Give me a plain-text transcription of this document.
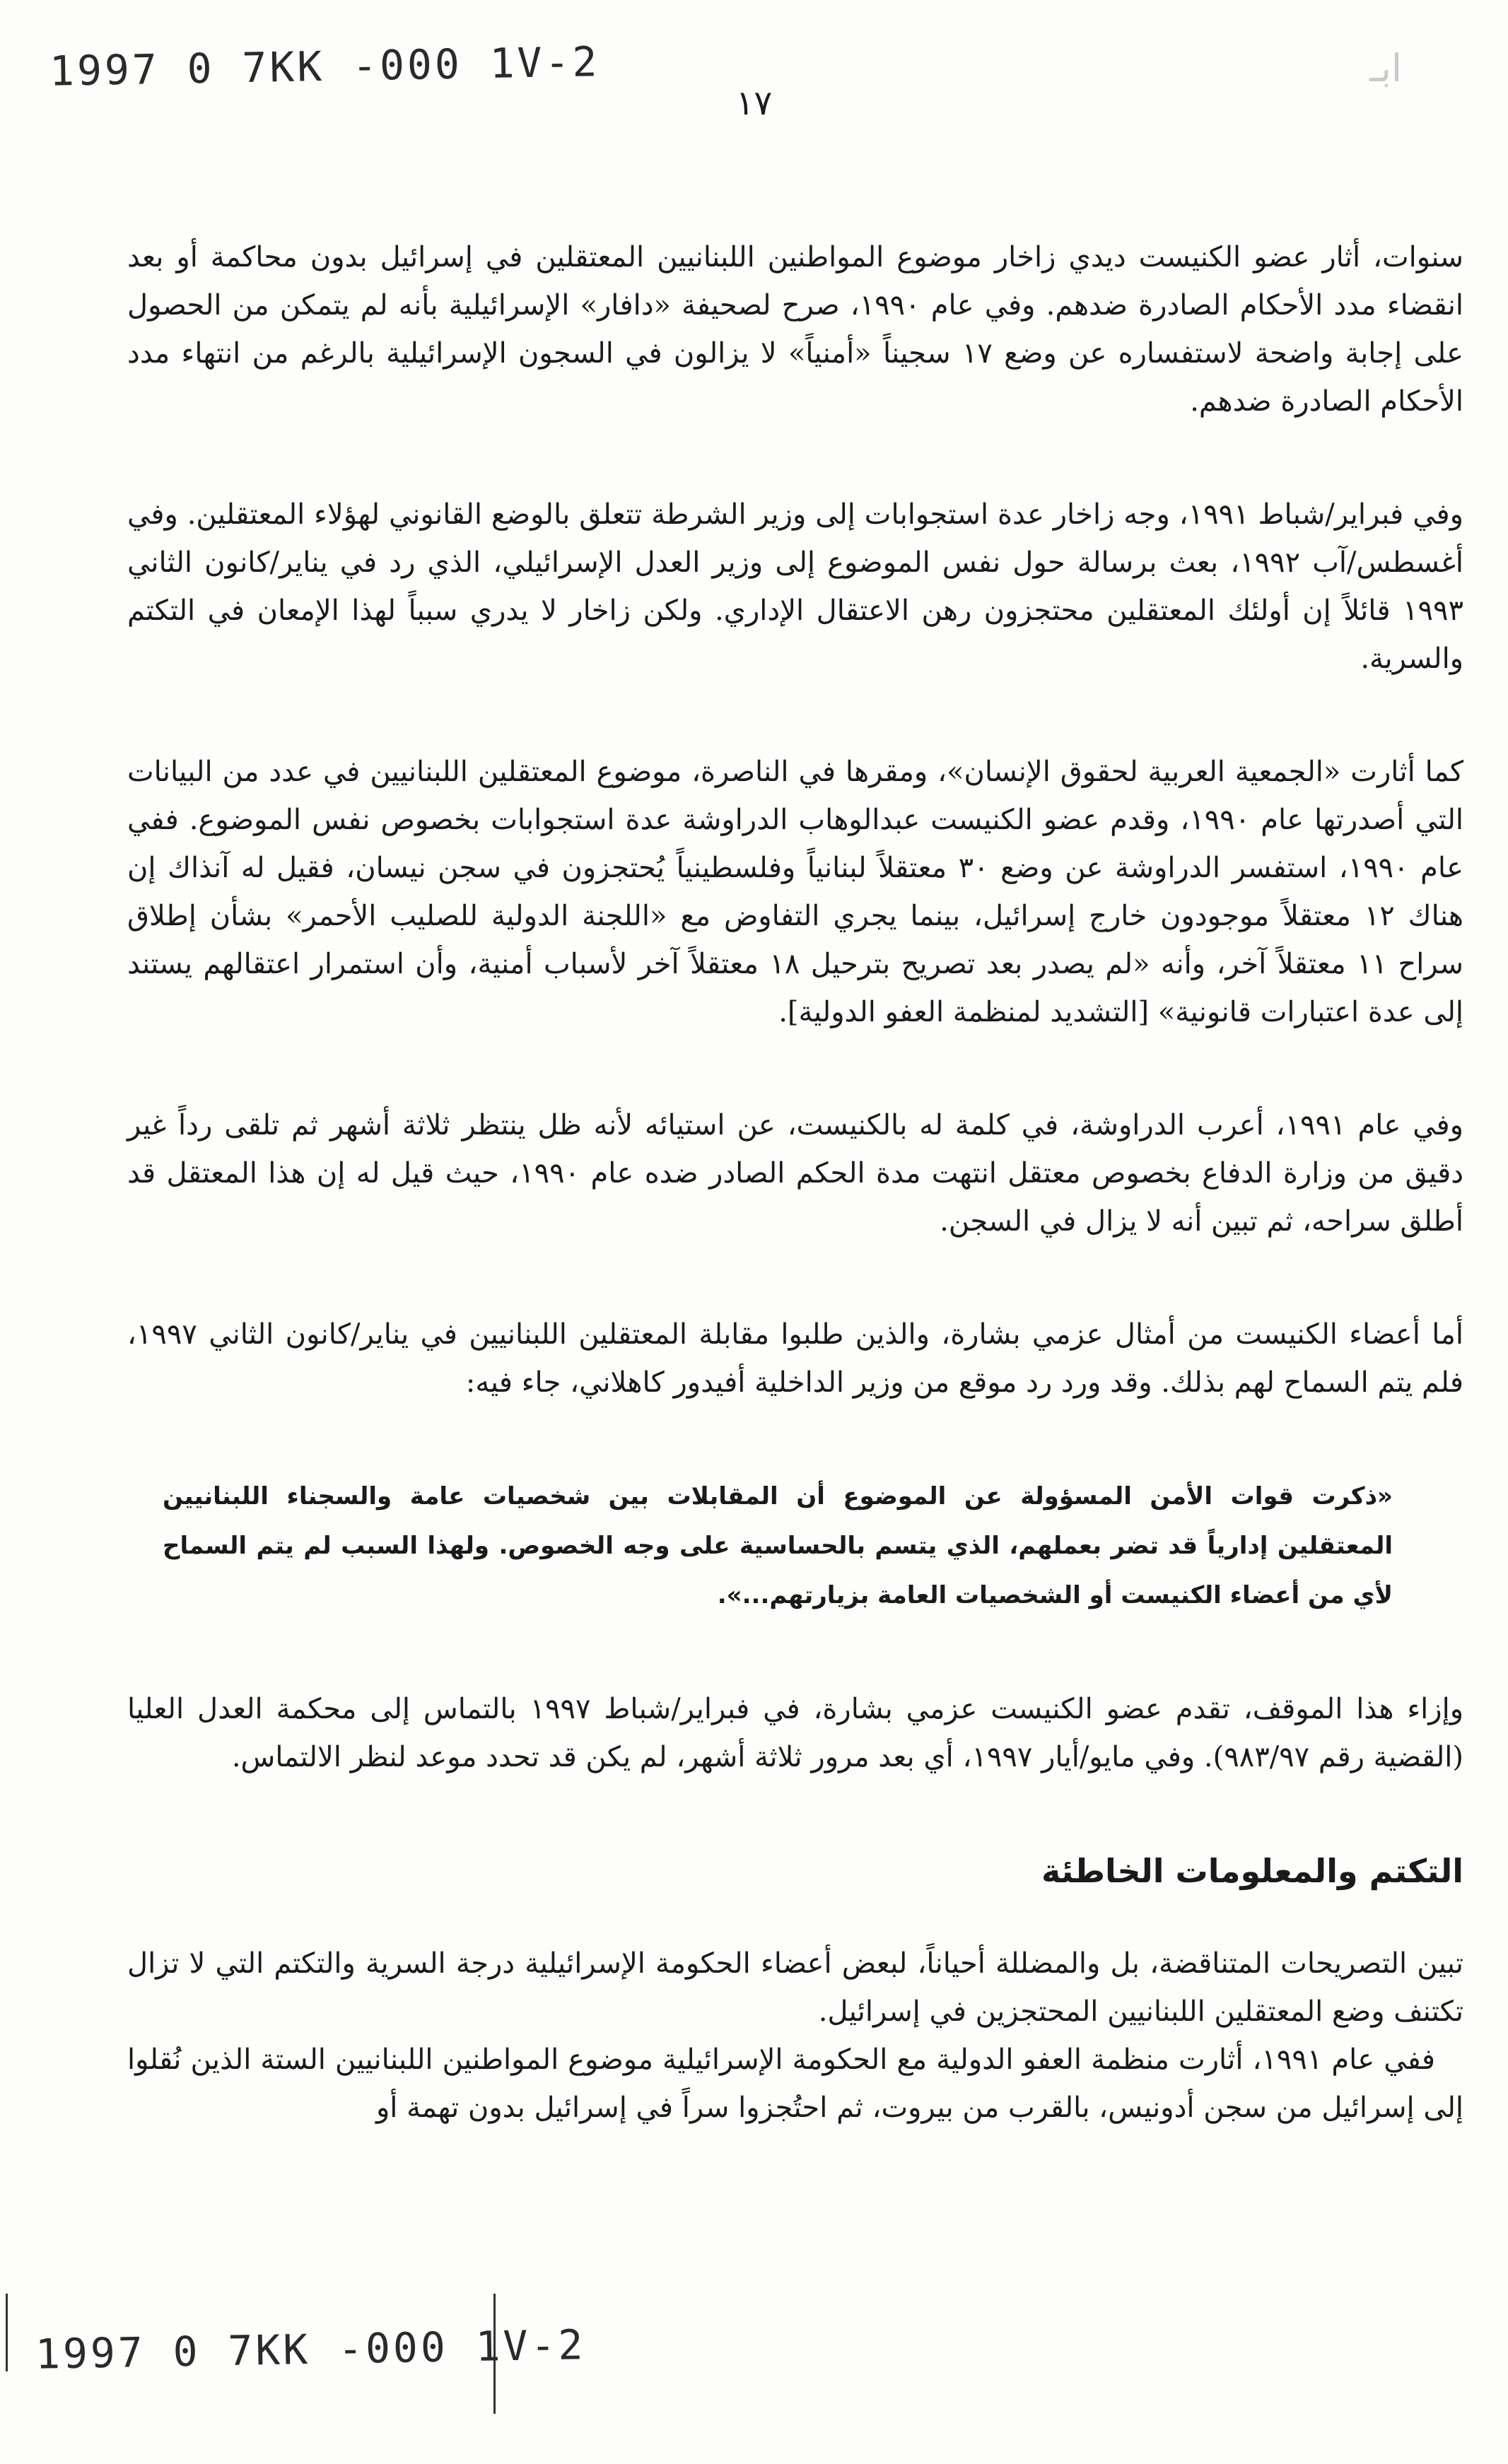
1997 0 7KK -000 1V-2	ابـ
١٧

سنوات، أثار عضو الكنيست ديدي زاخار موضوع المواطنين اللبنانيين المعتقلين في إسرائيل بدون محاكمة أو بعد انقضاء مدد الأحكام الصادرة ضدهم. وفي عام ١٩٩٠، صرح لصحيفة «دافار» الإسرائيلية بأنه لم يتمكن من الحصول على إجابة واضحة لاستفساره عن وضع ١٧ سجيناً «أمنياً» لا يزالون في السجون الإسرائيلية بالرغم من انتهاء مدد الأحكام الصادرة ضدهم.

وفي فبراير/شباط ١٩٩١، وجه زاخار عدة استجوابات إلى وزير الشرطة تتعلق بالوضع القانوني لهؤلاء المعتقلين. وفي أغسطس/آب ١٩٩٢، بعث برسالة حول نفس الموضوع إلى وزير العدل الإسرائيلي، الذي رد في يناير/كانون الثاني ١٩٩٣ قائلاً إن أولئك المعتقلين محتجزون رهن الاعتقال الإداري. ولكن زاخار لا يدري سبباً لهذا الإمعان في التكتم والسرية.

كما أثارت «الجمعية العربية لحقوق الإنسان»، ومقرها في الناصرة، موضوع المعتقلين اللبنانيين في عدد من البيانات التي أصدرتها عام ١٩٩٠، وقدم عضو الكنيست عبدالوهاب الدراوشة عدة استجوابات بخصوص نفس الموضوع. ففي عام ١٩٩٠، استفسر الدراوشة عن وضع ٣٠ معتقلاً لبنانياً وفلسطينياً يُحتجزون في سجن نيسان، فقيل له آنذاك إن هناك ١٢ معتقلاً موجودون خارج إسرائيل، بينما يجري التفاوض مع «اللجنة الدولية للصليب الأحمر» بشأن إطلاق سراح ١١ معتقلاً آخر، وأنه «لم يصدر بعد تصريح بترحيل ١٨ معتقلاً آخر لأسباب أمنية، وأن استمرار اعتقالهم يستند إلى عدة اعتبارات قانونية» [التشديد لمنظمة العفو الدولية].

وفي عام ١٩٩١، أعرب الدراوشة، في كلمة له بالكنيست، عن استيائه لأنه ظل ينتظر ثلاثة أشهر ثم تلقى رداً غير دقيق من وزارة الدفاع بخصوص معتقل انتهت مدة الحكم الصادر ضده عام ١٩٩٠، حيث قيل له إن هذا المعتقل قد أطلق سراحه، ثم تبين أنه لا يزال في السجن.

أما أعضاء الكنيست من أمثال عزمي بشارة، والذين طلبوا مقابلة المعتقلين اللبنانيين في يناير/كانون الثاني ١٩٩٧، فلم يتم السماح لهم بذلك. وقد ورد رد موقع من وزير الداخلية أفيدور كاهلاني، جاء فيه:

«ذكرت قوات الأمن المسؤولة عن الموضوع أن المقابلات بين شخصيات عامة والسجناء اللبنانيين المعتقلين إدارياً قد تضر بعملهم، الذي يتسم بالحساسية على وجه الخصوص. ولهذا السبب لم يتم السماح لأي من أعضاء الكنيست أو الشخصيات العامة بزيارتهم...».

وإزاء هذا الموقف، تقدم عضو الكنيست عزمي بشارة، في فبراير/شباط ١٩٩٧ بالتماس إلى محكمة العدل العليا (القضية رقم ٩٨٣/٩٧). وفي مايو/أيار ١٩٩٧، أي بعد مرور ثلاثة أشهر، لم يكن قد تحدد موعد لنظر الالتماس.

التكتم والمعلومات الخاطئة

تبين التصريحات المتناقضة، بل والمضللة أحياناً، لبعض أعضاء الحكومة الإسرائيلية درجة السرية والتكتم التي لا تزال تكتنف وضع المعتقلين اللبنانيين المحتجزين في إسرائيل.

ففي عام ١٩٩١، أثارت منظمة العفو الدولية مع الحكومة الإسرائيلية موضوع المواطنين اللبنانيين الستة الذين نُقلوا إلى إسرائيل من سجن أدونيس، بالقرب من بيروت، ثم احتُجزوا سراً في إسرائيل بدون تهمة أو

1997 0 7KK -000 1V-2
